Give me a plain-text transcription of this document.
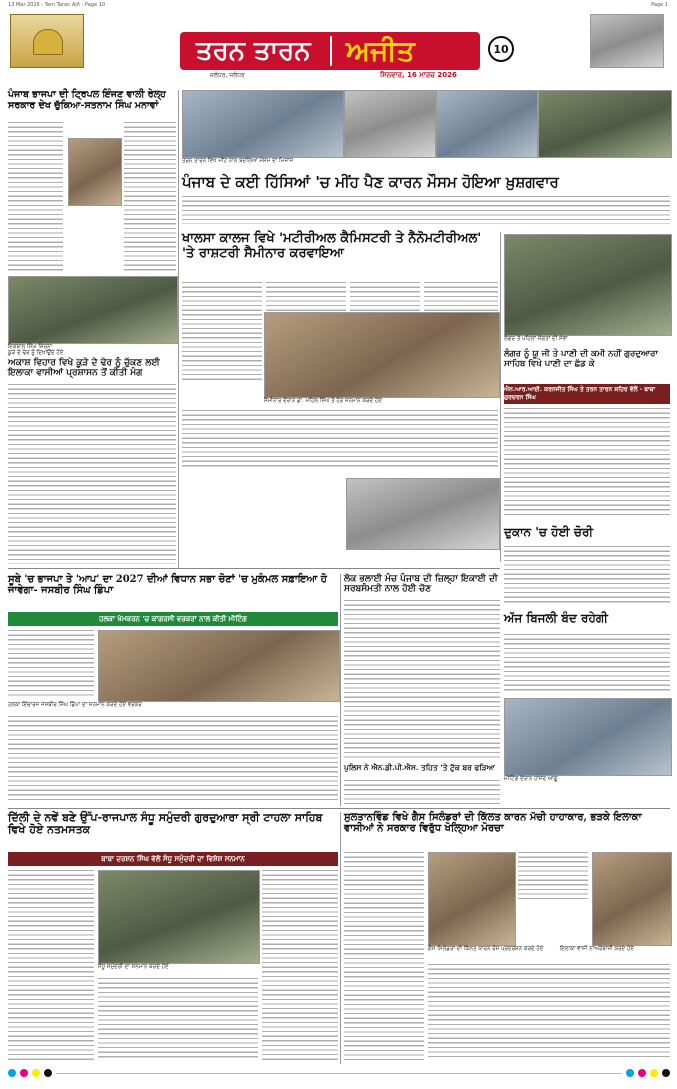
13 Mar 2026 - Tarn Taran Ajit - Page 10	Page 1
ਤਰਨ ਤਾਰਨ ਅਜੀਤ
ਜਲੰਧਰ, ਜਲੰਧਰ	ਸਿਨਵਾਰ, 16 ਮਾਰਚ 2026
10
ਪੰਜਾਬ ਭਾਜਪਾ ਦੀ ਟ੍ਰਿਪਲ ਇੰਜਣ ਵਾਲੀ ਰੇਲ੍ਹ ਸਰਕਾਰ ਦੇਖ ਚੁੱਕਿਆ-ਸਤਨਾਮ ਸਿੰਘ ਮਨਾਵਾਂ
ਇਕਬਾਲ ਸਿੰਘ ਸ਼ਿਰਨਾ
ਤਰਨ ਤਾਰਨ ਵਿਖੇ ਮੀਂਹ ਨਾਲ ਬਦਲਿਆ ਮੌਸਮ ਦਾ ਮਿਜ਼ਾਜ
ਪੰਜਾਬ ਦੇ ਕਈ ਹਿੱਸਿਆਂ 'ਚ ਮੀਂਹ ਪੈਣ ਕਾਰਨ ਮੌਸਮ ਹੋਇਆ ਖ਼ੁਸ਼ਗਵਾਰ
ਖਾਲਸਾ ਕਾਲਜ ਵਿਖੇ 'ਮਟੀਰੀਅਲ ਕੈਮਿਸਟਰੀ ਤੇ ਨੈਨੋਮਟੀਰੀਅਲ' 'ਤੇ ਰਾਸ਼ਟਰੀ ਸੈਮੀਨਾਰ ਕਰਵਾਇਆ
ਸੈਮੀਨਾਰ ਦੌਰਾਨ ਡਾ. ਮਹਿਲ ਸਿੰਘ ਤੇ ਹੋਰ ਸਨਮਾਨ ਕਰਦੇ ਹੋਏ
ਲੰਗਰ ਤੋਂ ਪਹਿਲਾਂ ਸੰਗਤਾਂ ਦੀ ਸੇਵਾ
ਲੰਗਰ ਨੂੰ ਯੂ ਜੀ ਤੇ ਪਾਣੀ ਦੀ ਕਮੀ ਨਹੀਂ ਗੁਰਦੁਆਰਾ ਸਾਹਿਬ ਵਿਖੇ ਪਾਣੀ ਦਾ ਛੱਡ ਕੇ
ਐਨ.ਆਰ.ਆਈ. ਕਰਨਜੀਤ ਸਿੰਘ ਤੇ ਤਰਨ ਤਾਰਨ ਸ਼ਹਿਰ ਵੱਲੋਂ - ਬਾਬਾ ਗੁਰਚਰਨ ਸਿੰਘ
ਅਕਾਸ਼ ਵਿਹਾਰ ਵਿਖੇ ਕੂੜੇ ਦੇ ਢੇਰ ਨੂੰ ਚੁੱਕਣ ਲਈ ਇਲਾਕਾ ਵਾਸੀਆਂ ਪ੍ਰਸ਼ਾਸਨ ਤੋਂ ਕੀਤੀ ਮੰਗ
ਕੂੜੇ ਦੇ ਢੇਰ ਨੂੰ ਦਿਖਾਉਂਦੇ ਹੋਏ
ਦੁਕਾਨ 'ਚ ਹੋਈ ਚੋਰੀ
ਸੂਬੇ 'ਚ ਭਾਜਪਾ ਤੇ 'ਆਪ' ਦਾ 2027 ਦੀਆਂ ਵਿਧਾਨ ਸਭਾ ਚੋਣਾਂ 'ਚ ਮੁਕੰਮਲ ਸਫ਼ਾਇਆ ਹੋ ਜਾਵੇਗਾ- ਜਸਬੀਰ ਸਿੰਘ ਡਿੰਪਾ
ਹਲਕਾ ਖੇਮਕਰਨ 'ਚ ਕਾਂਗਰਸੀ ਵਰਕਰਾਂ ਨਾਲ ਕੀਤੀ ਮੀਟਿੰਗ
ਹਲਕਾ ਇੰਚਾਰਜ ਜਸਬੀਰ ਸਿੰਘ ਡਿੰਪਾ ਦਾ ਸਨਮਾਨ ਕਰਦੇ ਹੋਏ ਵਰਕਰ
ਲੋਕ ਭਲਾਈ ਮੰਚ ਪੰਜਾਬ ਦੀ ਜ਼ਿਲ੍ਹਾ ਇਕਾਈ ਦੀ ਸਰਬਸੰਮਤੀ ਨਾਲ ਹੋਈ ਚੋਣ
ਪੁਲਿਸ ਨੇ ਐਨ.ਡੀ.ਪੀ.ਐਸ. ਤਹਿਤ 'ਤੇ ਟੁੱਕ ਬਰ ਫੜਿਆ
ਅੱਜ ਬਿਜਲੀ ਬੰਦ ਰਹੇਗੀ
ਮੀਟਿੰਗ ਦੌਰਾਨ ਹਾਜ਼ਰ ਆਗੂ
ਦਿੱਲੀ ਦੇ ਨਵੇਂ ਬਣੇ ਉੱਪ-ਰਾਜਪਾਲ ਸੰਧੂ ਸਮੁੰਦਰੀ ਗੁਰਦੁਆਰਾ ਸ੍ਰੀ ਟਾਹਲਾ ਸਾਹਿਬ ਵਿਖੇ ਹੋਏ ਨਤਮਸਤਕ
ਬਾਬਾ ਦਰਸ਼ਨ ਸਿੰਘ ਵੱਲੋਂ ਸੰਧੂ ਸਮੁੰਦਰੀ ਦਾ ਵਿਸ਼ੇਸ਼ ਸਨਮਾਨ
ਸੰਧੂ ਸਮੁੰਦਰੀ ਦਾ ਸਨਮਾਨ ਕਰਦੇ ਹੋਏ
ਸੁਲਤਾਨਵਿੰਡ ਵਿਖੇ ਗੈਸ ਸਿਲੰਡਰਾਂ ਦੀ ਕਿੱਲਤ ਕਾਰਨ ਮੱਚੀ ਹਾਹਾਕਾਰ, ਭੜਕੇ ਇਲਾਕਾ ਵਾਸੀਆਂ ਨੇ ਸਰਕਾਰ ਵਿਰੁੱਧ ਖੋਲ੍ਹਿਆ ਮੋਰਚਾ
ਗੈਸ ਸਿਲੰਡਰਾਂ ਦੀ ਕਿੱਲਤ ਕਾਰਨ ਰੋਸ ਪ੍ਰਦਰਸ਼ਨ ਕਰਦੇ ਹੋਏ	ਇਲਾਕਾ ਵਾਸੀ ਨਾਅਰੇਬਾਜ਼ੀ ਕਰਦੇ ਹੋਏ
